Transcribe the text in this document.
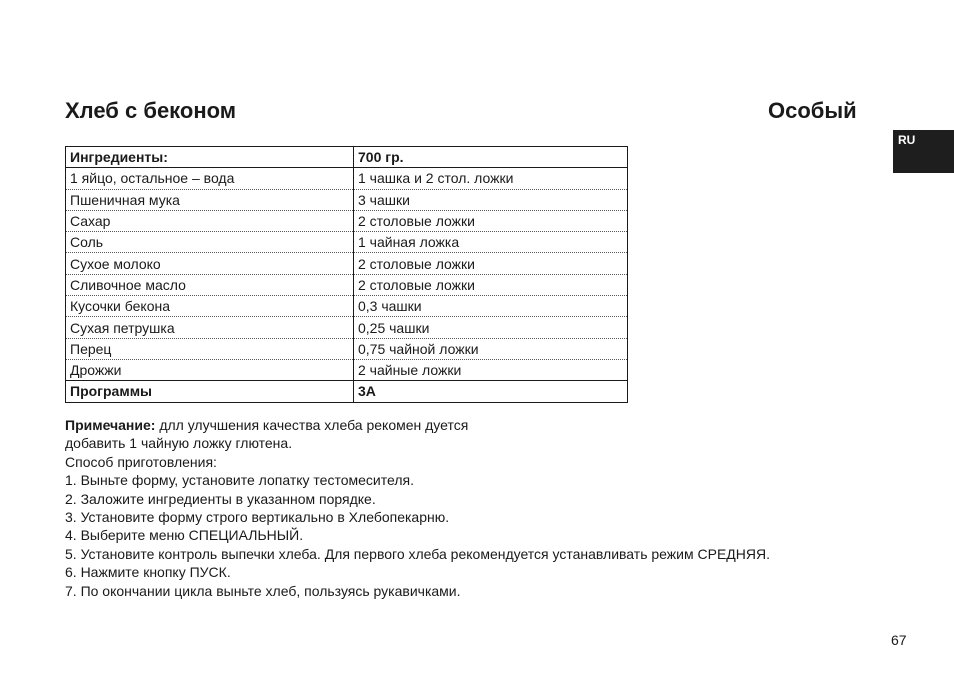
Хлеб с беконом	Особый
RU
Ингредиенты:	700 гр.
1 яйцо, остальное – вода	1 чашка и 2 стол. ложки
Пшеничная мука	3 чашки
Сахар	2 столовые ложки
Соль	1 чайная ложка
Сухое молоко	2 столовые ложки
Сливочное масло	2 столовые ложки
Кусочки бекона	0,3 чашки
Сухая петрушка	0,25 чашки
Перец	0,75 чайной ложки
Дрожжи	2 чайные ложки
Программы	3A

Примечание: длл улучшения качества хлеба рекомен дуется

добавить 1 чайную ложку глютена.

Способ приготовления:

1. Выньте форму, установите лопатку тестомесителя.

2. Заложите ингредиенты в указанном порядке.

3. Установите форму строго вертикально в Хлебопекарню.

4. Выберите меню СПЕЦИАЛЬНЫЙ.

5. Установите контроль выпечки хлеба. Для первого хлеба рекомендуется устанавливать режим СРЕДНЯЯ.

6. Нажмите кнопку ПУСК.

7. По окончании цикла выньте хлеб, пользуясь рукавичками.

67
